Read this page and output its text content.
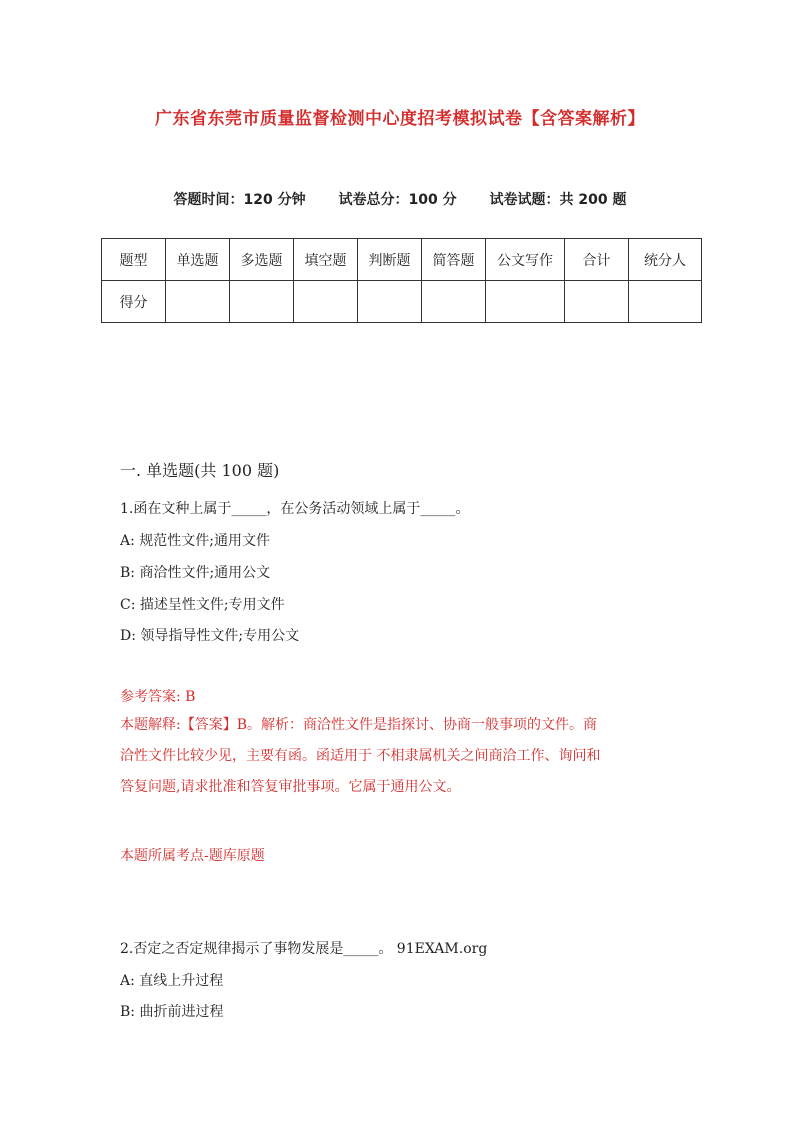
广东省东莞市质量监督检测中心度招考模拟试卷【含答案解析】
答题时间：120 分钟 试卷总分：100 分 试卷试题：共 200 题
题型	单选题	多选题	填空题	判断题	简答题	公文写作	合计	统分人
得分								
一. 单选题(共 100 题)
1.函在文种上属于_____，在公务活动领域上属于_____。
A: 规范性文件;通用文件
B: 商洽性文件;通用公文
C: 描述呈性文件;专用文件
D: 领导指导性文件;专用公文
参考答案: B
本题解释:【答案】B。解析：商洽性文件是指探讨、协商一般事项的文件。商
洽性文件比较少见，主要有函。函适用于 不相隶属机关之间商洽工作、询问和
答复问题,请求批准和答复审批事项。它属于通用公文。
本题所属考点-题库原题
2.否定之否定规律揭示了事物发展是_____。 91EXAM.org
A: 直线上升过程
B: 曲折前进过程
